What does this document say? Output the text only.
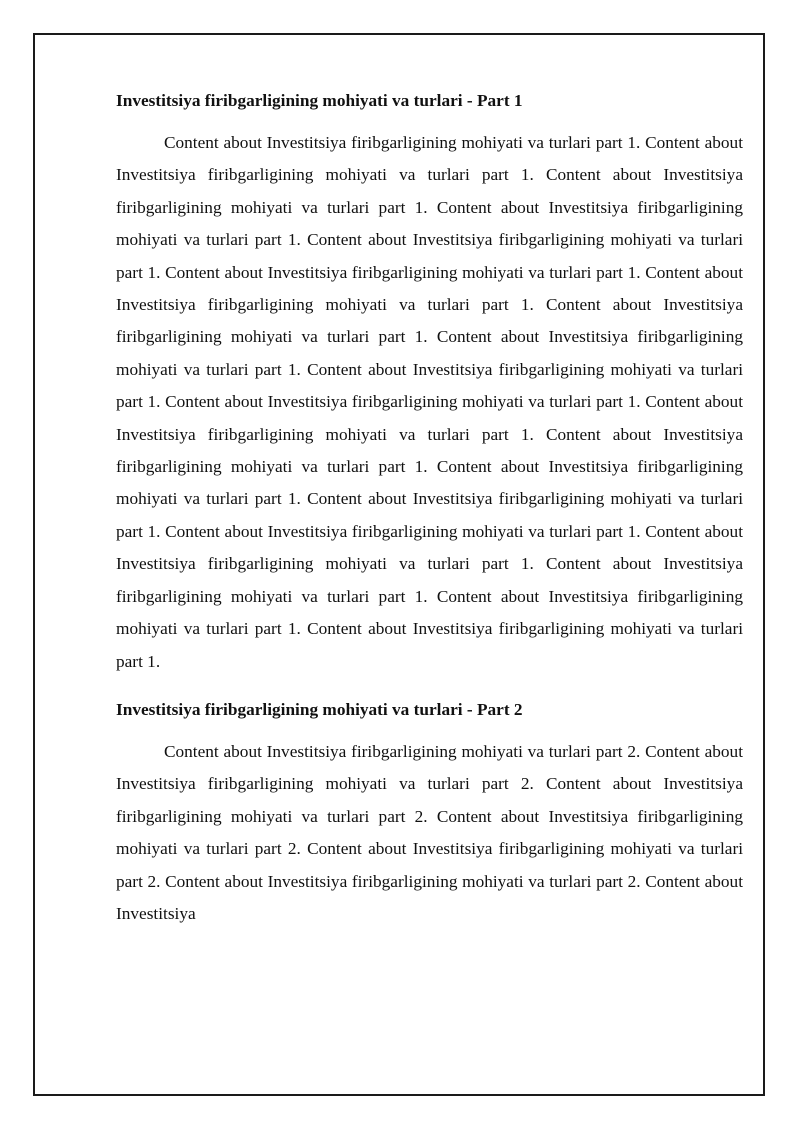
Investitsiya firibgarligining mohiyati va turlari - Part 1

Content about Investitsiya firibgarligining mohiyati va turlari part 1. Content about Investitsiya firibgarligining mohiyati va turlari part 1. Content about Investitsiya firibgarligining mohiyati va turlari part 1. Content about Investitsiya firibgarligining mohiyati va turlari part 1. Content about Investitsiya firibgarligining mohiyati va turlari part 1. Content about Investitsiya firibgarligining mohiyati va turlari part 1. Content about Investitsiya firibgarligining mohiyati va turlari part 1. Content about Investitsiya firibgarligining mohiyati va turlari part 1. Content about Investitsiya firibgarligining mohiyati va turlari part 1. Content about Investitsiya firibgarligining mohiyati va turlari part 1. Content about Investitsiya firibgarligining mohiyati va turlari part 1. Content about Investitsiya firibgarligining mohiyati va turlari part 1. Content about Investitsiya firibgarligining mohiyati va turlari part 1. Content about Investitsiya firibgarligining mohiyati va turlari part 1. Content about Investitsiya firibgarligining mohiyati va turlari part 1. Content about Investitsiya firibgarligining mohiyati va turlari part 1. Content about Investitsiya firibgarligining mohiyati va turlari part 1. Content about Investitsiya firibgarligining mohiyati va turlari part 1. Content about Investitsiya firibgarligining mohiyati va turlari part 1. Content about Investitsiya firibgarligining mohiyati va turlari part 1.

Investitsiya firibgarligining mohiyati va turlari - Part 2

Content about Investitsiya firibgarligining mohiyati va turlari part 2. Content about Investitsiya firibgarligining mohiyati va turlari part 2. Content about Investitsiya firibgarligining mohiyati va turlari part 2. Content about Investitsiya firibgarligining mohiyati va turlari part 2. Content about Investitsiya firibgarligining mohiyati va turlari part 2. Content about Investitsiya firibgarligining mohiyati va turlari part 2. Content about Investitsiya
